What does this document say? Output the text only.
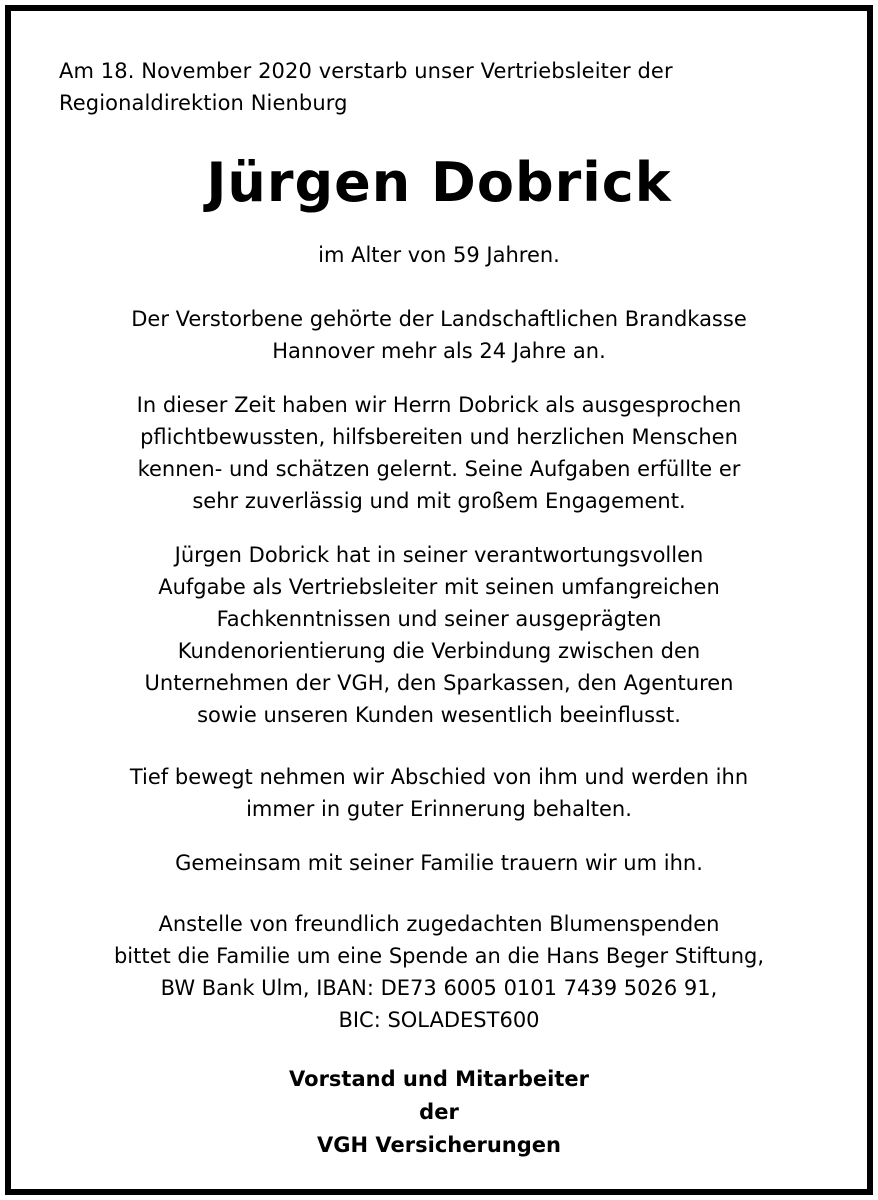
Am 18. November 2020 verstarb unser Vertriebsleiter der
Regionaldirektion Nienburg
Jürgen Dobrick
im Alter von 59 Jahren.
Der Verstorbene gehörte der Landschaftlichen Brandkasse
Hannover mehr als 24 Jahre an.
In dieser Zeit haben wir Herrn Dobrick als ausgesprochen
pflichtbewussten, hilfsbereiten und herzlichen Menschen
kennen- und schätzen gelernt. Seine Aufgaben erfüllte er
sehr zuverlässig und mit großem Engagement.
Jürgen Dobrick hat in seiner verantwortungsvollen
Aufgabe als Vertriebsleiter mit seinen umfangreichen
Fachkenntnissen und seiner ausgeprägten
Kundenorientierung die Verbindung zwischen den
Unternehmen der VGH, den Sparkassen, den Agenturen
sowie unseren Kunden wesentlich beeinflusst.
Tief bewegt nehmen wir Abschied von ihm und werden ihn
immer in guter Erinnerung behalten.
Gemeinsam mit seiner Familie trauern wir um ihn.
Anstelle von freundlich zugedachten Blumenspenden
bittet die Familie um eine Spende an die Hans Beger Stiftung,
BW Bank Ulm, IBAN: DE73 6005 0101 7439 5026 91,
BIC: SOLADEST600
Vorstand und Mitarbeiter
der
VGH Versicherungen
